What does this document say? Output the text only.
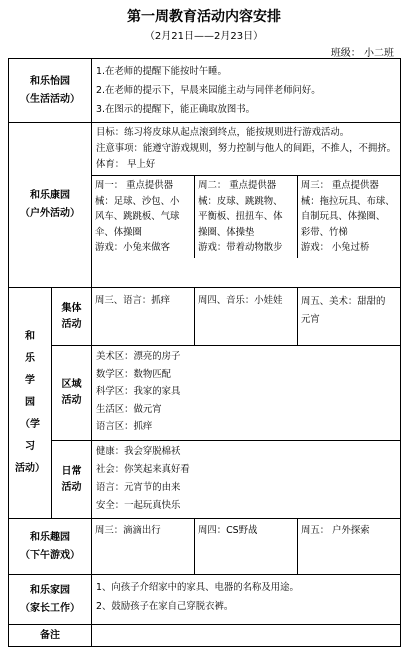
第一周教育活动内容安排
（2月21日——2月23日）
班级： 小二班
和乐怡园
（生活活动）

1.在老师的提醒下能按时午睡。
2.在老师的提示下，早晨来园能主动与同伴老师问好。
3.在图示的提醒下，能正确取放图书。

和乐康园
（户外活动）

目标：练习将皮球从起点滚到终点，能按规则进行游戏活动。
注意事项：能遵守游戏规则，努力控制与他人的间距，不推人，不拥挤。
体育： 早上好
周一： 重点提供器
械：足球、沙包、小
风车、跳跳板、气球
伞、体操圈
游戏：小兔来做客

周二： 重点提供器
械：皮球、跳跳物、
平衡板、扭扭车、体
操圈、体操垫
游戏：带着动物散步

周三： 重点提供器
械：拖拉玩具、布球、
自制玩具、体操圈、
彩带、竹梯
游戏： 小兔过桥

和
乐
学
园
（学
习
活动）

集体
活动

周三、语言：抓痒	周四、音乐：小娃娃	周五、美术：甜甜的
元宵

区域
活动

美术区：漂亮的房子
数学区：数物匹配
科学区：我家的家具
生活区：做元宵
语言区：抓痒

日常
活动

健康：我会穿脱棉袄
社会：你笑起来真好看
语言：元宵节的由来
安全：一起玩真快乐

和乐趣园
（下午游戏）

周三：滴滴出行	周四：CS野战	周五： 户外探索

和乐家园
（家长工作）

1、向孩子介绍家中的家具、电器的名称及用途。
2、鼓励孩子在家自己穿脱衣裤。

备注	
